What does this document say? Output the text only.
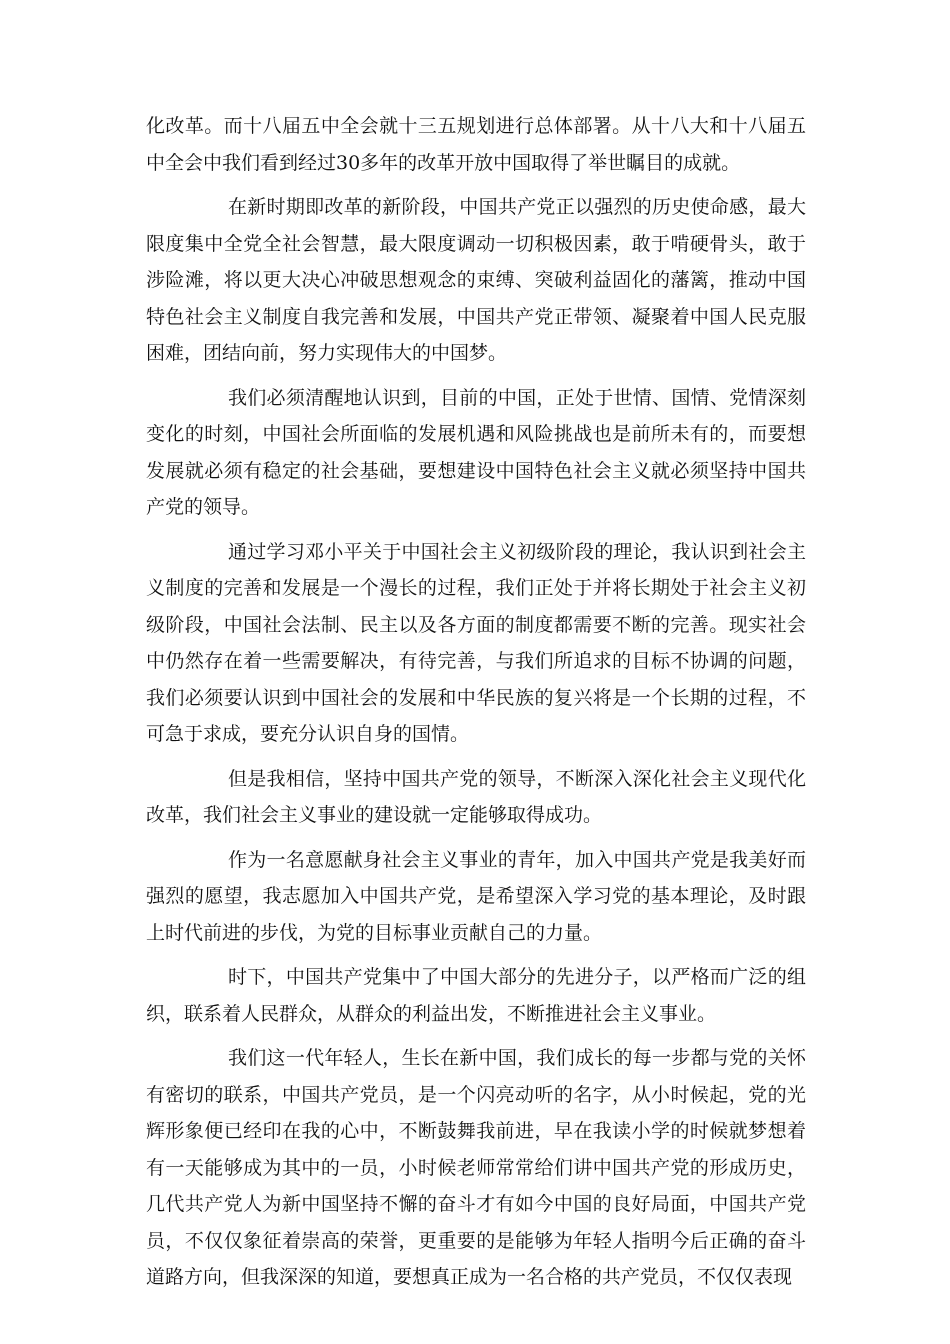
化改革。而十八届五中全会就十三五规划进行总体部署。从十八大和十八届五中全会中我们看到经过30多年的改革开放中国取得了举世瞩目的成就。

在新时期即改革的新阶段，中国共产党正以强烈的历史使命感，最大限度集中全党全社会智慧，最大限度调动一切积极因素，敢于啃硬骨头，敢于涉险滩，将以更大决心冲破思想观念的束缚、突破利益固化的藩篱，推动中国特色社会主义制度自我完善和发展，中国共产党正带领、凝聚着中国人民克服困难，团结向前，努力实现伟大的中国梦。

我们必须清醒地认识到，目前的中国，正处于世情、国情、党情深刻变化的时刻，中国社会所面临的发展机遇和风险挑战也是前所未有的，而要想发展就必须有稳定的社会基础，要想建设中国特色社会主义就必须坚持中国共产党的领导。

通过学习邓小平关于中国社会主义初级阶段的理论，我认识到社会主义制度的完善和发展是一个漫长的过程，我们正处于并将长期处于社会主义初级阶段，中国社会法制、民主以及各方面的制度都需要不断的完善。现实社会中仍然存在着一些需要解决，有待完善，与我们所追求的目标不协调的问题，我们必须要认识到中国社会的发展和中华民族的复兴将是一个长期的过程，不可急于求成，要充分认识自身的国情。

但是我相信，坚持中国共产党的领导，不断深入深化社会主义现代化改革，我们社会主义事业的建设就一定能够取得成功。

作为一名意愿献身社会主义事业的青年，加入中国共产党是我美好而强烈的愿望，我志愿加入中国共产党，是希望深入学习党的基本理论，及时跟上时代前进的步伐，为党的目标事业贡献自己的力量。

时下，中国共产党集中了中国大部分的先进分子，以严格而广泛的组织，联系着人民群众，从群众的利益出发，不断推进社会主义事业。

我们这一代年轻人，生长在新中国，我们成长的每一步都与党的关怀有密切的联系，中国共产党员，是一个闪亮动听的名字，从小时候起，党的光辉形象便已经印在我的心中，不断鼓舞我前进，早在我读小学的时候就梦想着有一天能够成为其中的一员，小时候老师常常给们讲中国共产党的形成历史，几代共产党人为新中国坚持不懈的奋斗才有如今中国的良好局面，中国共产党员，不仅仅象征着崇高的荣誉，更重要的是能够为年轻人指明今后正确的奋斗道路方向，但我深深的知道，要想真正成为一名合格的共产党员，不仅仅表现
